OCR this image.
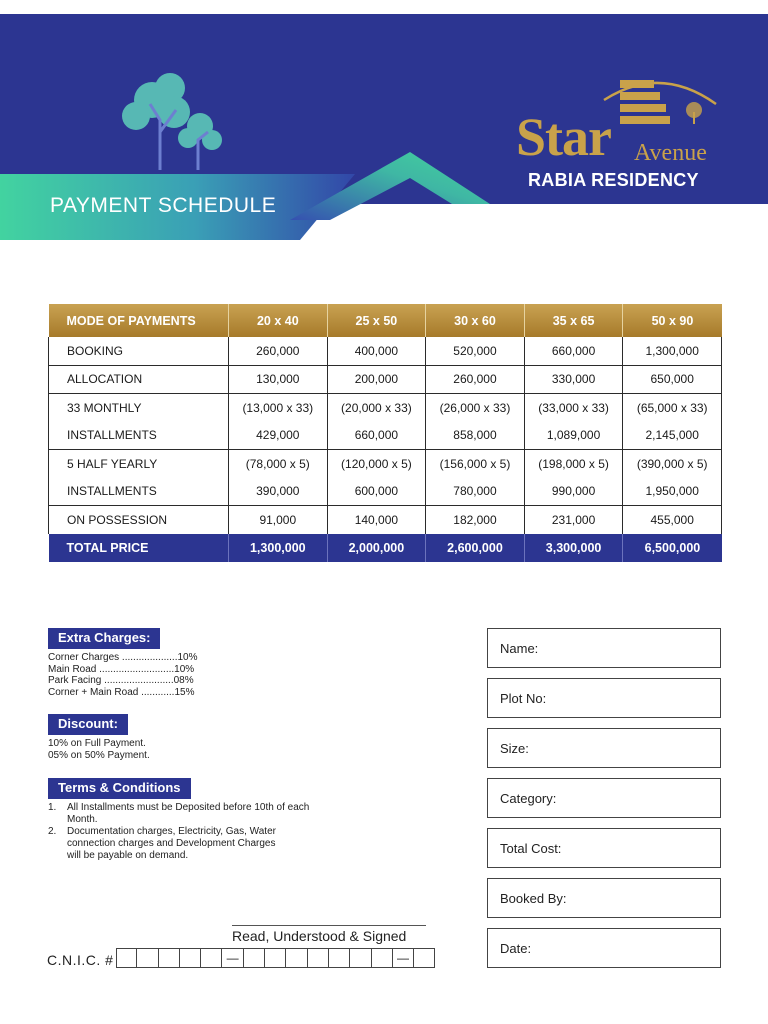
Star Avenue
RABIA RESIDENCY
PAYMENT SCHEDULE
MODE OF PAYMENTS	20 x 40	25 x 50	30 x 60	35 x 65	50 x 90
BOOKING	260,000	400,000	520,000	660,000	1,300,000
ALLOCATION	130,000	200,000	260,000	330,000	650,000
33 MONTHLY	(13,000 x 33)	(20,000 x 33)	(26,000 x 33)	(33,000 x 33)	(65,000 x 33)
INSTALLMENTS	429,000	660,000	858,000	1,089,000	2,145,000
5 HALF YEARLY	(78,000 x 5)	(120,000 x 5)	(156,000 x 5)	(198,000 x 5)	(390,000 x 5)
INSTALLMENTS	390,000	600,000	780,000	990,000	1,950,000
ON POSSESSION	91,000	140,000	182,000	231,000	455,000
TOTAL PRICE	1,300,000	2,000,000	2,600,000	3,300,000	6,500,000
Extra Charges:
Corner Charges ....................10%
Main Road ...........................10%
Park Facing .........................08%
Corner + Main Road ............15%
Discount:
10% on Full Payment.
05% on 50% Payment.
Terms & Conditions
1. All Installments must be Deposited before 10th of each Month.
2. Documentation charges, Electricity, Gas, Water connection charges and Development Charges will be payable on demand.
Name:
Plot No:
Size:
Category:
Total Cost:
Booked By:
Date:
Read, Understood & Signed
C.N.I.C. #	—	—
